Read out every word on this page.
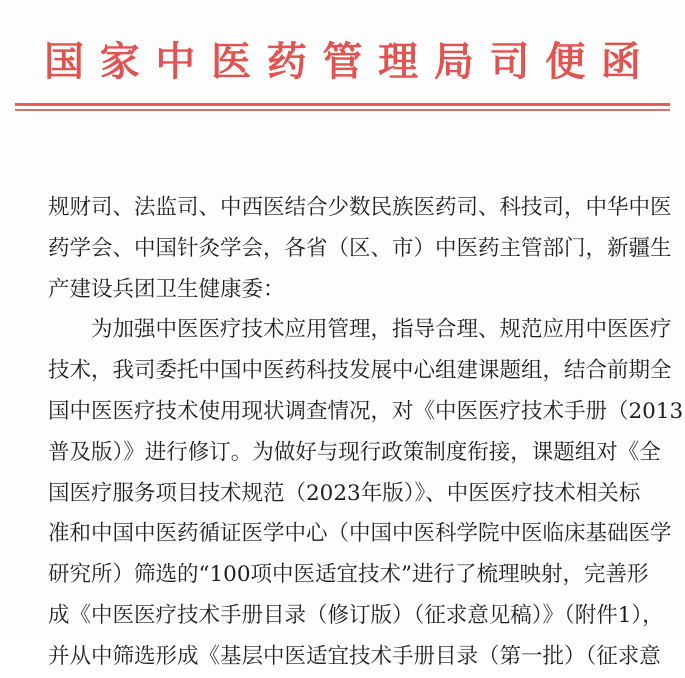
国 家 中 医 药 管 理 局 司 便 函
规财司、法监司、中西医结合少数民族医药司、科技司，中华中医
药学会、中国针灸学会，各省（区、市）中医药主管部门，新疆生
产建设兵团卫生健康委：
　　为加强中医医疗技术应用管理，指导合理、规范应用中医医疗
技术，我司委托中国中医药科技发展中心组建课题组，结合前期全
国中医医疗技术使用现状调查情况，对《中医医疗技术手册（2013
普及版）》进行修订。为做好与现行政策制度衔接，课题组对《全
国医疗服务项目技术规范（2023年版）》、中医医疗技术相关标
准和中国中医药循证医学中心（中国中医科学院中医临床基础医学
研究所）筛选的“100项中医适宜技术”进行了梳理映射，完善形
成《中医医疗技术手册目录（修订版）（征求意见稿）》（附件1），
并从中筛选形成《基层中医适宜技术手册目录（第一批）（征求意
